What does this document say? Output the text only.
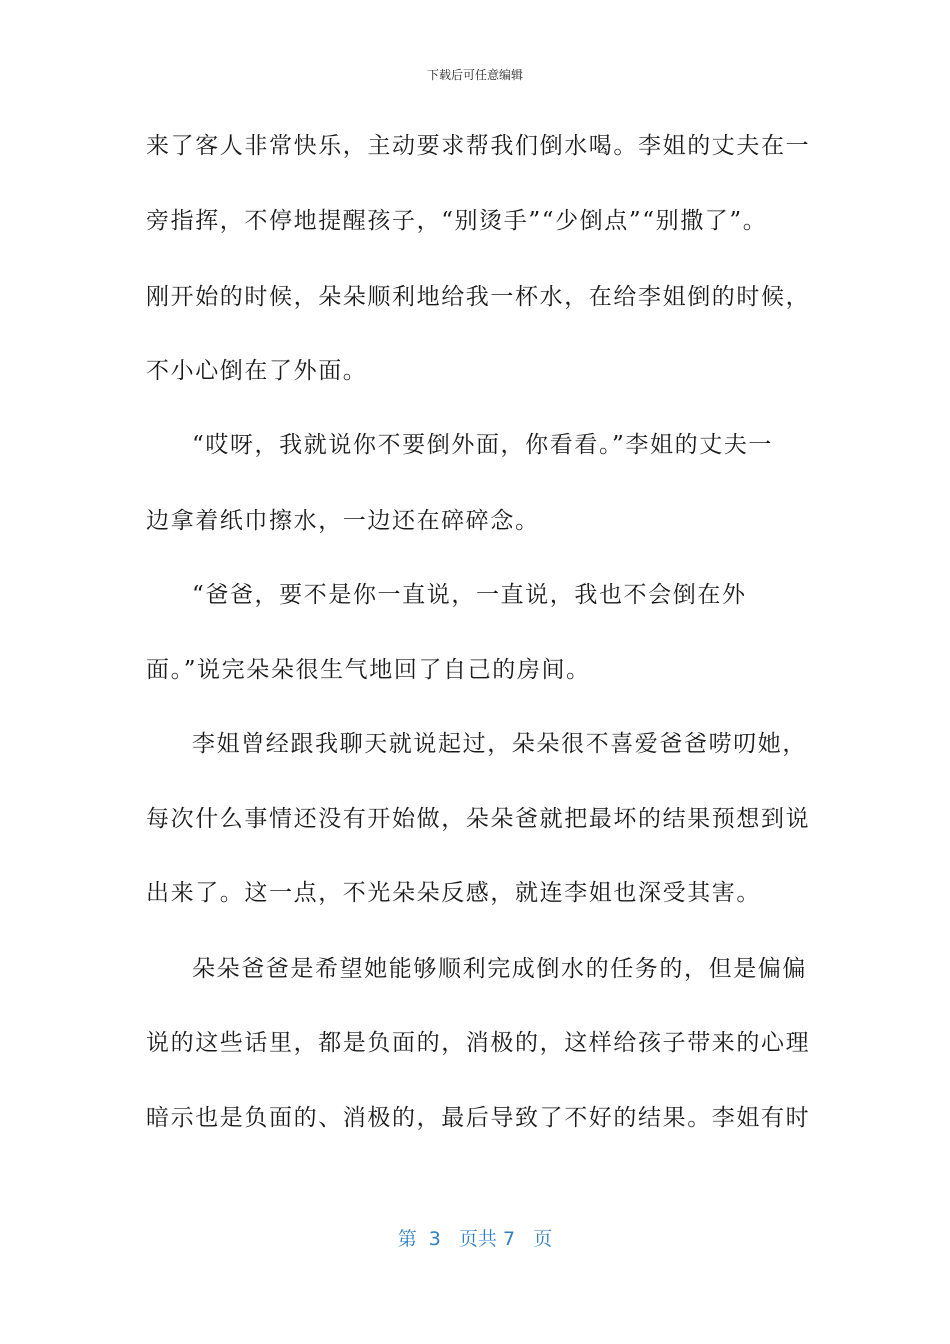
下载后可任意编辑
来了客人非常快乐，主动要求帮我们倒水喝。李姐的丈夫在一
旁指挥，不停地提醒孩子，“别烫手”“少倒点”“别撒了”。
刚开始的时候，朵朵顺利地给我一杯水，在给李姐倒的时候，
不小心倒在了外面。
“哎呀，我就说你不要倒外面，你看看。”李姐的丈夫一
边拿着纸巾擦水，一边还在碎碎念。
“爸爸，要不是你一直说，一直说，我也不会倒在外
面。”说完朵朵很生气地回了自己的房间。
李姐曾经跟我聊天就说起过，朵朵很不喜爱爸爸唠叨她，
每次什么事情还没有开始做，朵朵爸就把最坏的结果预想到说
出来了。这一点，不光朵朵反感，就连李姐也深受其害。
朵朵爸爸是希望她能够顺利完成倒水的任务的，但是偏偏
说的这些话里，都是负面的，消极的，这样给孩子带来的心理
暗示也是负面的、消极的，最后导致了不好的结果。李姐有时
第  3   页共 7   页
